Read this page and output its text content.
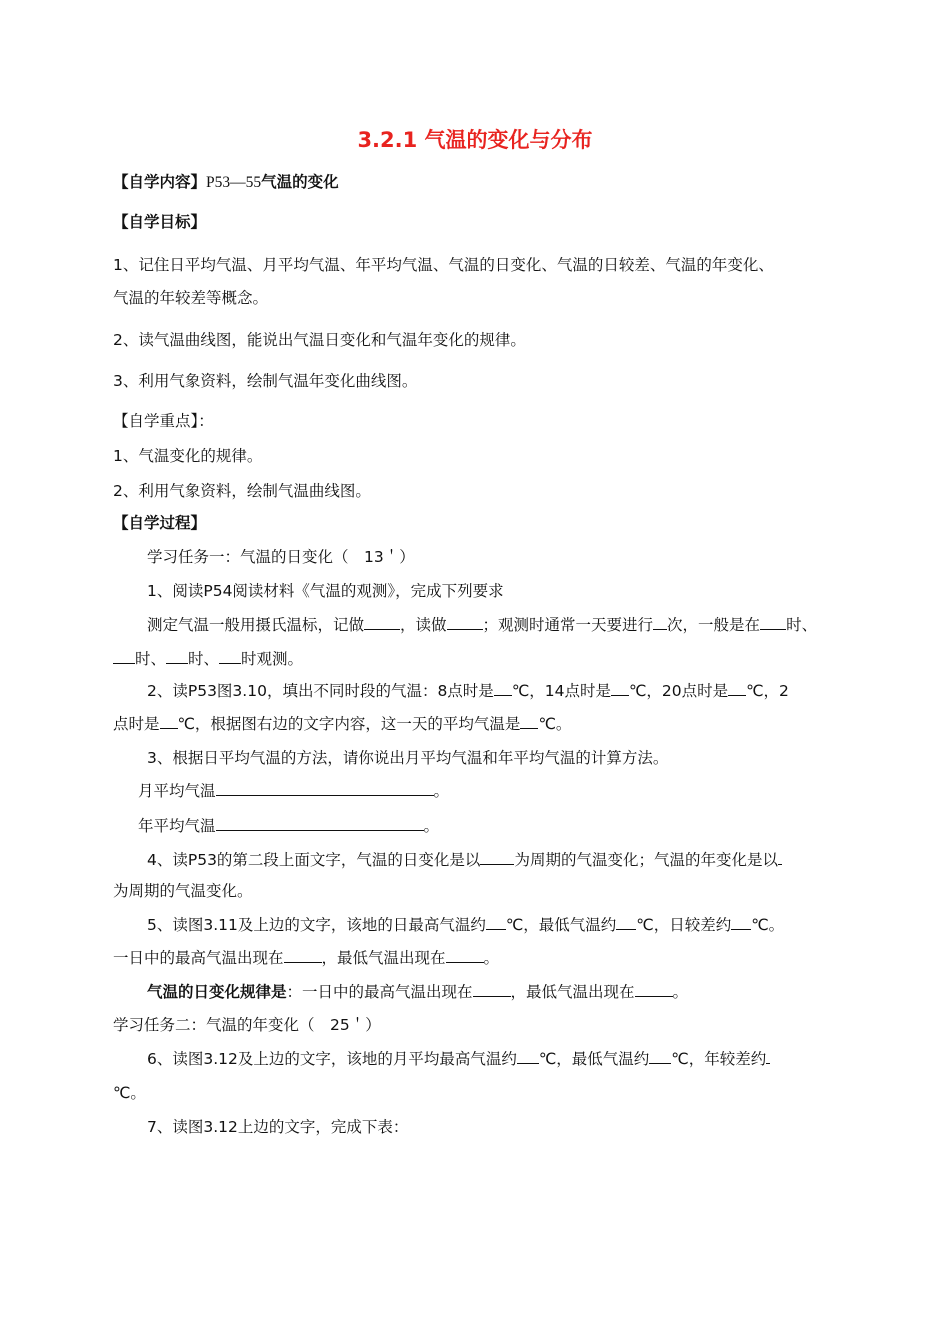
3.2.1 气温的变化与分布
【自学内容】P53—55气温的变化
【自学目标】
1、记住日平均气温、月平均气温、年平均气温、气温的日变化、气温的日较差、气温的年变化、
气温的年较差等概念。
2、读气温曲线图，能说出气温日变化和气温年变化的规律。
3、利用气象资料，绘制气温年变化曲线图。
【自学重点】：
1、气温变化的规律。
2、利用气象资料，绘制气温曲线图。
【自学过程】
学习任务一：气温的日变化（　13＇）
1、阅读P54阅读材料《气温的观测》，完成下列要求
测定气温一般用摄氏温标，记做 ，读做 ；观测时通常一天要进行 次，一般是在 时、
时、 时、 时观测。
2、读P53图3.10，填出不同时段的气温：8点时是 ℃，14点时是 ℃，20点时是 ℃，2
点时是 ℃，根据图右边的文字内容，这一天的平均气温是 ℃。
3、根据日平均气温的方法，请你说出月平均气温和年平均气温的计算方法。
月平均气温	。
年平均气温	。
4、读P53的第二段上面文字，气温的日变化是以 为周期的气温变化；气温的年变化是以
为周期的气温变化。
5、读图3.11及上边的文字，该地的日最高气温约 ℃，最低气温约 ℃，日较差约 ℃。
一日中的最高气温出现在 ，最低气温出现在 。
气温的日变化规律是：一日中的最高气温出现在 ，最低气温出现在 。
学习任务二：气温的年变化（　25＇）
6、读图3.12及上边的文字，该地的月平均最高气温约 ℃，最低气温约 ℃，年较差约
℃。
7、读图3.12上边的文字，完成下表：
